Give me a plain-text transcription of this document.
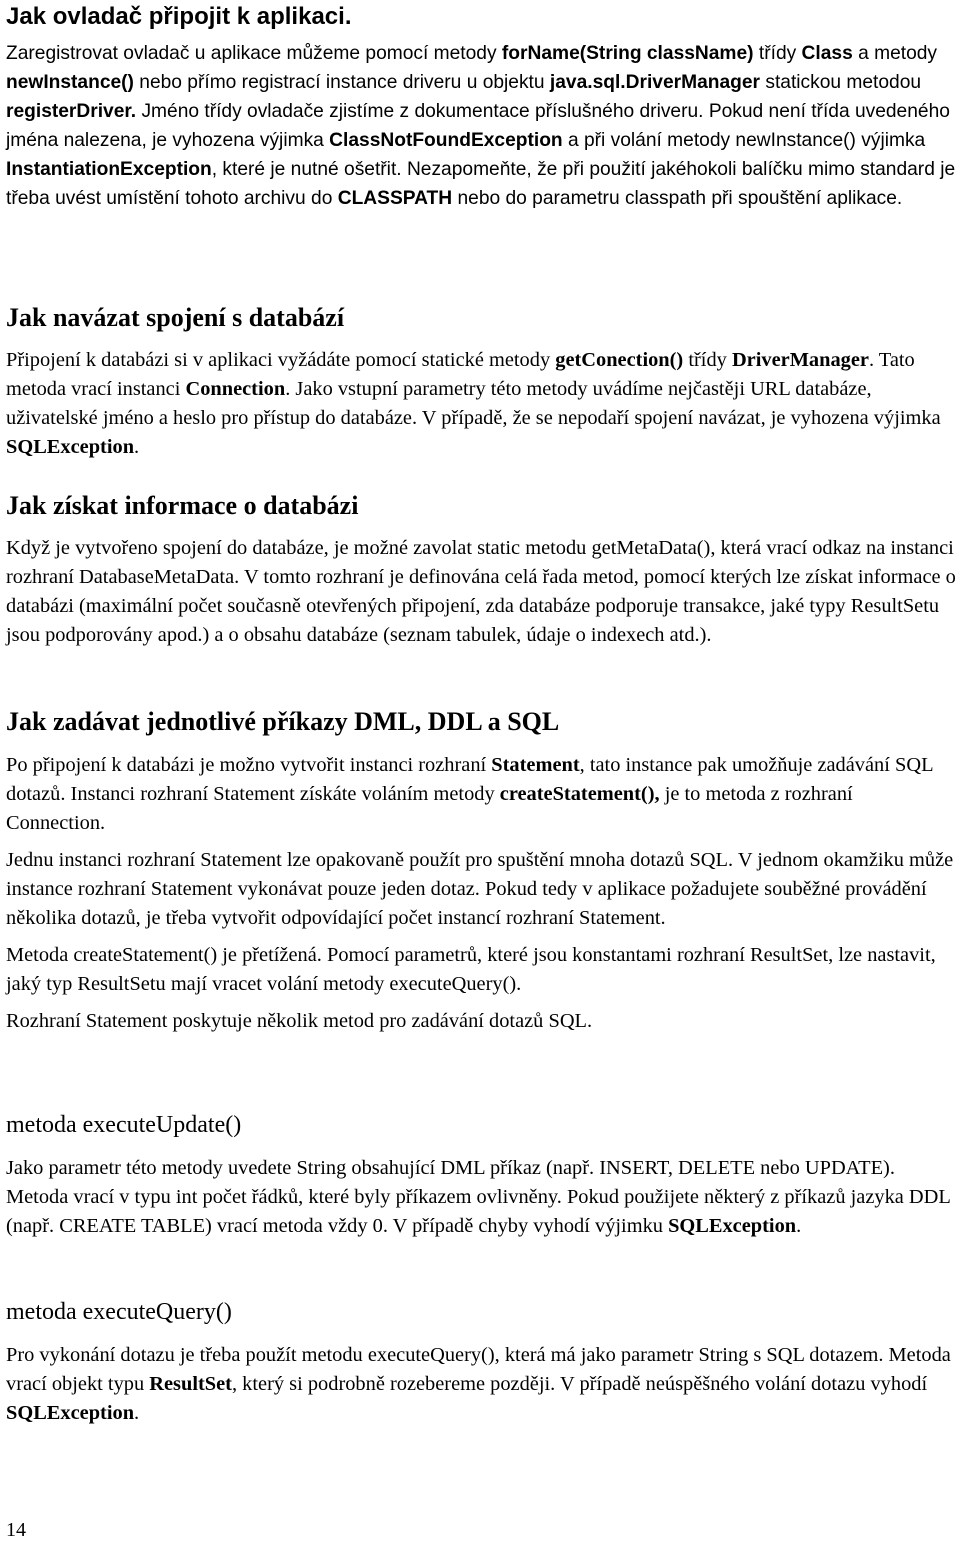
Jak ovladač připojit k aplikaci.

Zaregistrovat ovladač u aplikace můžeme pomocí metody forName(String className) třídy Class a metody newInstance() nebo přímo registrací instance driveru u objektu java.sql.DriverManager statickou metodou registerDriver. Jméno třídy ovladače zjistíme z dokumentace příslušného driveru. Pokud není třída uvedeného jména nalezena, je vyhozena výjimka ClassNotFoundException a při volání metody newInstance() výjimka InstantiationException, které je nutné ošetřit. Nezapomeňte, že při použití jakéhokoli balíčku mimo standard je třeba uvést umístění tohoto archivu do CLASSPATH nebo do parametru classpath při spouštění aplikace.

Jak navázat spojení s databází

Připojení k databázi si v aplikaci vyžádáte pomocí statické metody getConection() třídy DriverManager. Tato metoda vrací instanci Connection. Jako vstupní parametry této metody uvádíme nejčastěji URL databáze, uživatelské jméno a heslo pro přístup do databáze. V případě, že se nepodaří spojení navázat, je vyhozena výjimka SQLException.

Jak získat informace o databázi

Když je vytvořeno spojení do databáze, je možné zavolat static metodu getMetaData(), která vrací odkaz na instanci rozhraní DatabaseMetaData. V tomto rozhraní je definována celá řada metod, pomocí kterých lze získat informace o databázi (maximální počet současně otevřených připojení, zda databáze podporuje transakce, jaké typy ResultSetu jsou podporovány apod.) a o obsahu databáze (seznam tabulek, údaje o indexech atd.).

Jak zadávat jednotlivé příkazy DML, DDL a SQL

Po připojení k databázi je možno vytvořit instanci rozhraní Statement, tato instance pak umožňuje zadávání SQL dotazů. Instanci rozhraní Statement získáte voláním metody createStatement(), je to metoda z rozhraní Connection.

Jednu instanci rozhraní Statement lze opakovaně použít pro spuštění mnoha dotazů SQL. V jednom okamžiku může instance rozhraní Statement vykonávat pouze jeden dotaz. Pokud tedy v aplikace požadujete souběžné provádění několika dotazů, je třeba vytvořit odpovídající počet instancí rozhraní Statement.

Metoda createStatement() je přetížená. Pomocí parametrů, které jsou konstantami rozhraní ResultSet, lze nastavit, jaký typ ResultSetu mají vracet volání metody executeQuery().

Rozhraní Statement poskytuje několik metod pro zadávání dotazů SQL.

metoda executeUpdate()

Jako parametr této metody uvedete String obsahující DML příkaz (např. INSERT, DELETE nebo UPDATE). Metoda vrací v typu int počet řádků, které byly příkazem ovlivněny. Pokud použijete některý z příkazů jazyka DDL (např. CREATE TABLE) vrací metoda vždy 0. V případě chyby vyhodí výjimku SQLException.

metoda executeQuery()

Pro vykonání dotazu je třeba použít metodu executeQuery(), která má jako parametr String s SQL dotazem. Metoda vrací objekt typu ResultSet, který si podrobně rozebereme později. V případě neúspěšného volání dotazu vyhodí SQLException.

14
